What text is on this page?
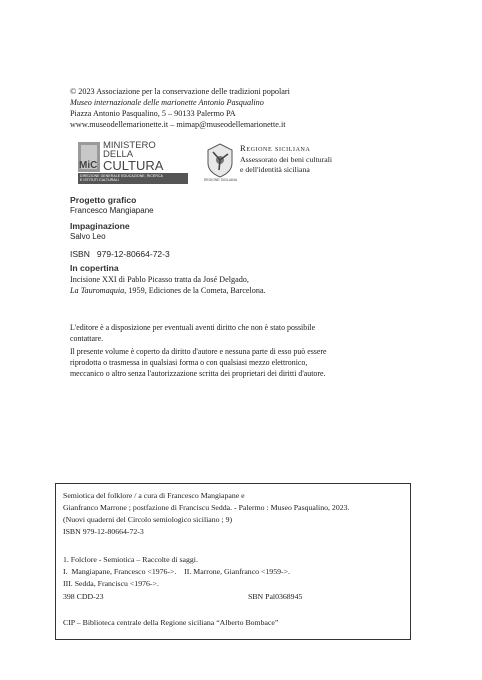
© 2023 Associazione per la conservazione delle tradizioni popolari
Museo internazionale delle marionette Antonio Pasqualino
Piazza Antonio Pasqualino, 5 – 90133 Palermo PA
www.museodellemarionette.it – mimap@museodellemarionette.it
MINISTERO
DELLA
MiC CULTURA
DIREZIONE GENERALE EDUCAZIONE, RICERCA
E ISTITUTI CULTURALI	REGIONE SICILIANA
Regione siciliana
Assessorato dei beni culturali
e dell'identità siciliana
Progetto grafico
Francesco Mangiapane
Impaginazione
Salvo Leo
ISBN   979-12-80664-72-3
In copertina
Incisione XXI di Pablo Picasso tratta da José Delgado,
La Tauromaquia, 1959, Ediciones de la Cometa, Barcelona.
L'editore è a disposizione per eventuali aventi diritto che non è stato possibile
contattare.
Il presente volume è coperto da diritto d'autore e nessuna parte di esso può essere
riprodotta o trasmessa in qualsiasi forma o con qualsiasi mezzo elettronico,
meccanico o altro senza l'autorizzazione scritta dei proprietari dei diritti d'autore.
Semiotica del folklore / a cura di Francesco Mangiapane e
Gianfranco Marrone ; postfazione di Franciscu Sedda. - Palermo : Museo Pasqualino, 2023.
(Nuovi quaderni del Circolo semiologico siciliano ; 9)
ISBN 979-12-80664-72-3
1. Folclore - Semiotica – Raccolte di saggi.
I.  Mangiapane, Francesco <1976->.    II. Marrone, Gianfranco <1959->.
III. Sedda, Franciscu <1976->.
398 CDD-23	SBN Pal0368945
CIP – Biblioteca centrale della Regione siciliana “Alberto Bombace”
